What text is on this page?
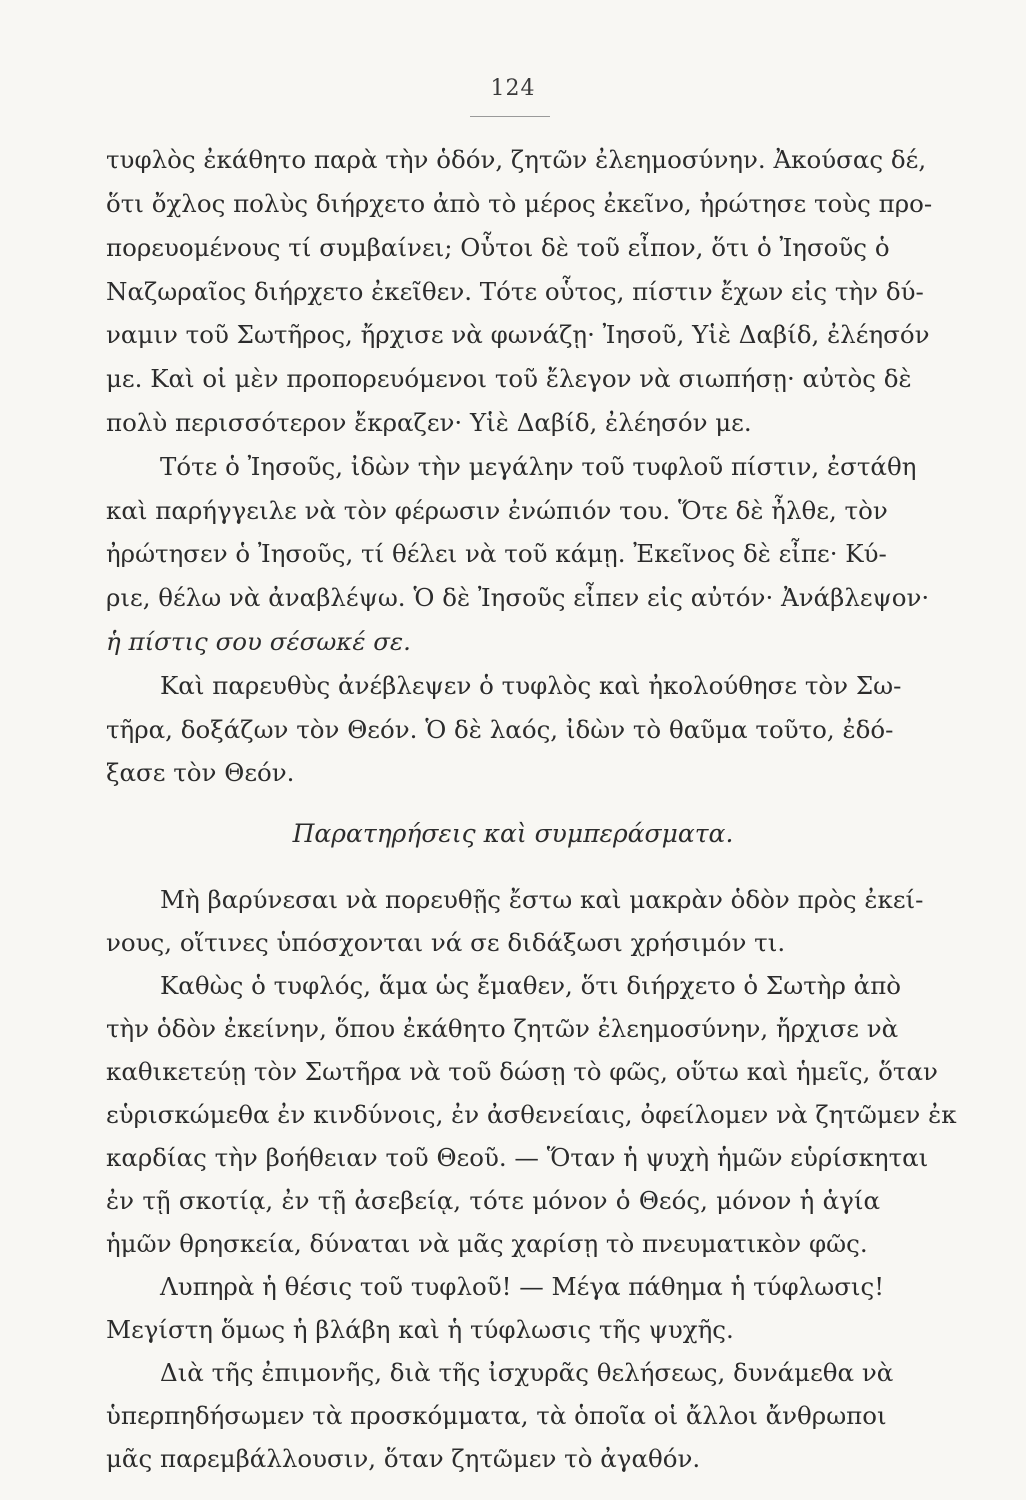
124
τυφλὸς ἐκάθητο παρὰ τὴν ὁδόν, ζητῶν ἐλεημοσύνην. Ἀκούσας δέ,
ὅτι ὄχλος πολὺς διήρχετο ἀπὸ τὸ μέρος ἐκεῖνο, ἠρώτησε τοὺς προ-
πορευομένους τί συμβαίνει; Οὗτοι δὲ τοῦ εἶπον, ὅτι ὁ Ἰησοῦς ὁ
Ναζωραῖος διήρχετο ἐκεῖθεν. Τότε οὗτος, πίστιν ἔχων εἰς τὴν δύ-
ναμιν τοῦ Σωτῆρος, ἤρχισε νὰ φωνάζῃ· Ἰησοῦ, Υἱὲ Δαβίδ, ἐλέησόν
με. Καὶ οἱ μὲν προπορευόμενοι τοῦ ἔλεγον νὰ σιωπήσῃ· αὐτὸς δὲ
πολὺ περισσότερον ἔκραζεν· Υἱὲ Δαβίδ, ἐλέησόν με.
Τότε ὁ Ἰησοῦς, ἰδὼν τὴν μεγάλην τοῦ τυφλοῦ πίστιν, ἐστάθη
καὶ παρήγγειλε νὰ τὸν φέρωσιν ἐνώπιόν του. Ὅτε δὲ ἦλθε, τὸν
ἠρώτησεν ὁ Ἰησοῦς, τί θέλει νὰ τοῦ κάμῃ. Ἐκεῖνος δὲ εἶπε· Κύ-
ριε, θέλω νὰ ἀναβλέψω. Ὁ δὲ Ἰησοῦς εἶπεν εἰς αὐτόν· Ἀνάβλεψον·
ἡ πίστις σου σέσωκέ σε.
Καὶ παρευθὺς ἀνέβλεψεν ὁ τυφλὸς καὶ ἠκολούθησε τὸν Σω-
τῆρα, δοξάζων τὸν Θεόν. Ὁ δὲ λαός, ἰδὼν τὸ θαῦμα τοῦτο, ἐδό-
ξασε τὸν Θεόν.
Παρατηρήσεις καὶ συμπεράσματα.
Μὴ βαρύνεσαι νὰ πορευθῇς ἔστω καὶ μακρὰν ὁδὸν πρὸς ἐκεί-
νους, οἵτινες ὑπόσχονται νά σε διδάξωσι χρήσιμόν τι.
Καθὼς ὁ τυφλός, ἅμα ὡς ἔμαθεν, ὅτι διήρχετο ὁ Σωτὴρ ἀπὸ
τὴν ὁδὸν ἐκείνην, ὅπου ἐκάθητο ζητῶν ἐλεημοσύνην, ἤρχισε νὰ
καθικετεύῃ τὸν Σωτῆρα νὰ τοῦ δώσῃ τὸ φῶς, οὕτω καὶ ἡμεῖς, ὅταν
εὑρισκώμεθα ἐν κινδύνοις, ἐν ἀσθενείαις, ὀφείλομεν νὰ ζητῶμεν ἐκ
καρδίας τὴν βοήθειαν τοῦ Θεοῦ. — Ὅταν ἡ ψυχὴ ἡμῶν εὑρίσκηται
ἐν τῇ σκοτίᾳ, ἐν τῇ ἀσεβείᾳ, τότε μόνον ὁ Θεός, μόνον ἡ ἁγία
ἡμῶν θρησκεία, δύναται νὰ μᾶς χαρίσῃ τὸ πνευματικὸν φῶς.
Λυπηρὰ ἡ θέσις τοῦ τυφλοῦ! — Μέγα πάθημα ἡ τύφλωσις!
Μεγίστη ὅμως ἡ βλάβη καὶ ἡ τύφλωσις τῆς ψυχῆς.
Διὰ τῆς ἐπιμονῆς, διὰ τῆς ἰσχυρᾶς θελήσεως, δυνάμεθα νὰ
ὑπερπηδήσωμεν τὰ προσκόμματα, τὰ ὁποῖα οἱ ἄλλοι ἄνθρωποι
μᾶς παρεμβάλλουσιν, ὅταν ζητῶμεν τὸ ἀγαθόν.
